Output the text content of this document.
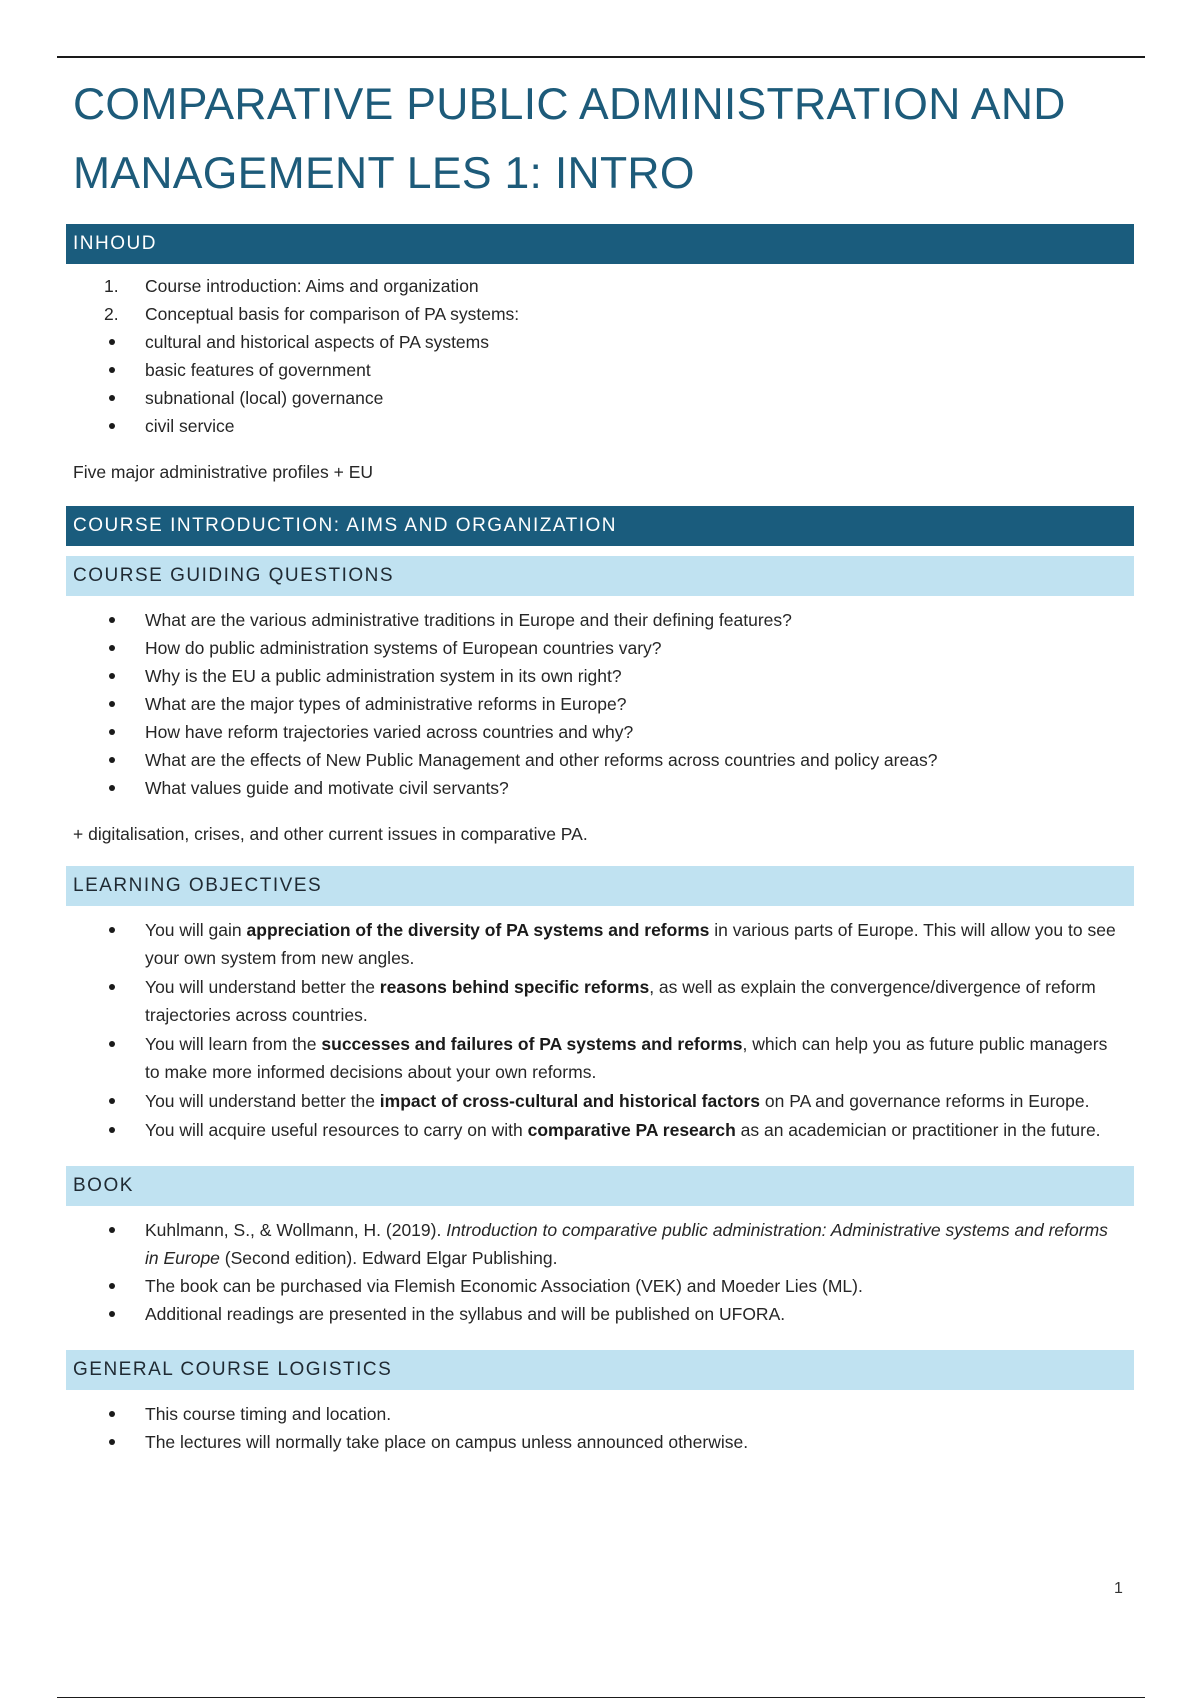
COMPARATIVE PUBLIC ADMINISTRATION AND
MANAGEMENT LES 1: INTRO
INHOUD
1.	Course introduction: Aims and organization
2.	Conceptual basis for comparison of PA systems:
cultural and historical aspects of PA systems
basic features of government
subnational (local) governance
civil service

Five major administrative profiles + EU

COURSE INTRODUCTION: AIMS AND ORGANIZATION
COURSE GUIDING QUESTIONS
What are the various administrative traditions in Europe and their defining features?
How do public administration systems of European countries vary?
Why is the EU a public administration system in its own right?
What are the major types of administrative reforms in Europe?
How have reform trajectories varied across countries and why?
What are the effects of New Public Management and other reforms across countries and policy areas?
What values guide and motivate civil servants?

+ digitalisation, crises, and other current issues in comparative PA.

LEARNING OBJECTIVES
You will gain appreciation of the diversity of PA systems and reforms in various parts of Europe. This will allow you to see your own system from new angles.
You will understand better the reasons behind specific reforms, as well as explain the convergence/divergence of reform trajectories across countries.
You will learn from the successes and failures of PA systems and reforms, which can help you as future public managers to make more informed decisions about your own reforms.
You will understand better the impact of cross-cultural and historical factors on PA and governance reforms in Europe.
You will acquire useful resources to carry on with comparative PA research as an academician or practitioner in the future.
BOOK
Kuhlmann, S., & Wollmann, H. (2019). Introduction to comparative public administration: Administrative systems and reforms in Europe (Second edition). Edward Elgar Publishing.
The book can be purchased via Flemish Economic Association (VEK) and Moeder Lies (ML).
Additional readings are presented in the syllabus and will be published on UFORA.
GENERAL COURSE LOGISTICS
This course timing and location.
The lectures will normally take place on campus unless announced otherwise.
1
